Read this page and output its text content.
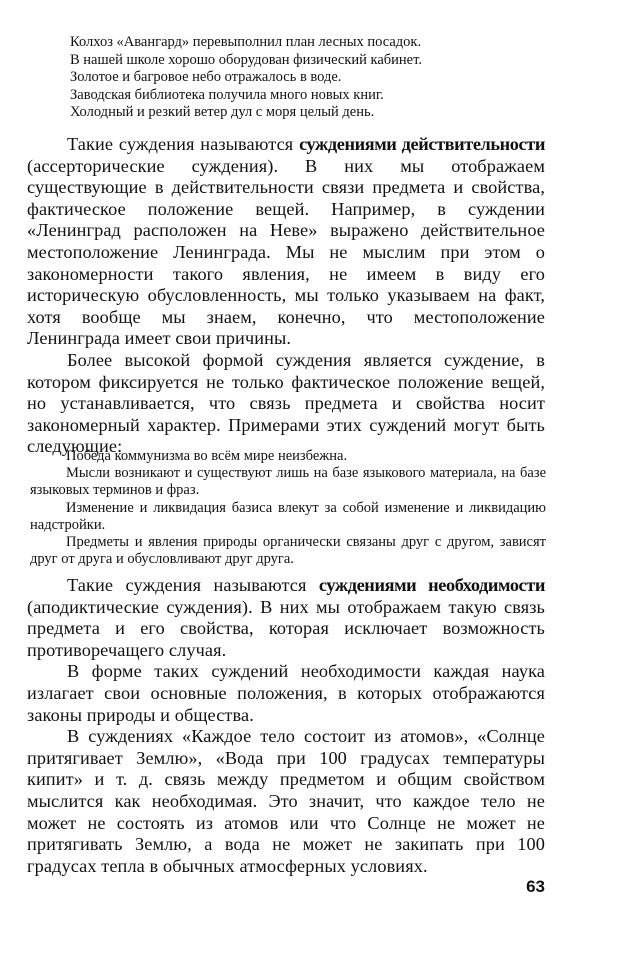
Колхоз «Авангард» перевыполнил план лесных посадок.
В нашей школе хорошо оборудован физический кабинет.
Золотое и багровое небо отражалось в воде.
Заводская библиотека получила много новых книг.
Холодный и резкий ветер дул с моря целый день.

Такие суждения называются суждениями действительности (ассерторические суждения). В них мы отображаем существующие в действительности связи предмета и свойства, фактическое положение вещей. Например, в суждении «Ленинград расположен на Неве» выражено действительное местоположение Ленинграда. Мы не мыслим при этом о закономерности такого явления, не имеем в виду его историческую обусловленность, мы только указываем на факт, хотя вообще мы знаем, конечно, что местоположение Ленинграда имеет свои причины.

Более высокой формой суждения является суждение, в котором фиксируется не только фактическое положение вещей, но устанавливается, что связь предмета и свойства носит закономерный характер. Примерами этих суждений могут быть следующие:

Победа коммунизма во всём мире неизбежна.

Мысли возникают и существуют лишь на базе языкового материала, на базе языковых терминов и фраз.

Изменение и ликвидация базиса влекут за собой изменение и ликвидацию надстройки.

Предметы и явления природы органически связаны друг с другом, зависят друг от друга и обусловливают друг друга.

Такие суждения называются суждениями необходимости (аподиктические суждения). В них мы отображаем такую связь предмета и его свойства, которая исключает возможность противоречащего случая.

В форме таких суждений необходимости каждая наука излагает свои основные положения, в которых отображаются законы природы и общества.

В суждениях «Каждое тело состоит из атомов», «Солнце притягивает Землю», «Вода при 100 градусах температуры кипит» и т. д. связь между предметом и общим свойством мыслится как необходимая. Это значит, что каждое тело не может не состоять из атомов или что Солнце не может не притягивать Землю, а вода не может не закипать при 100 градусах тепла в обычных атмосферных условиях.

63
